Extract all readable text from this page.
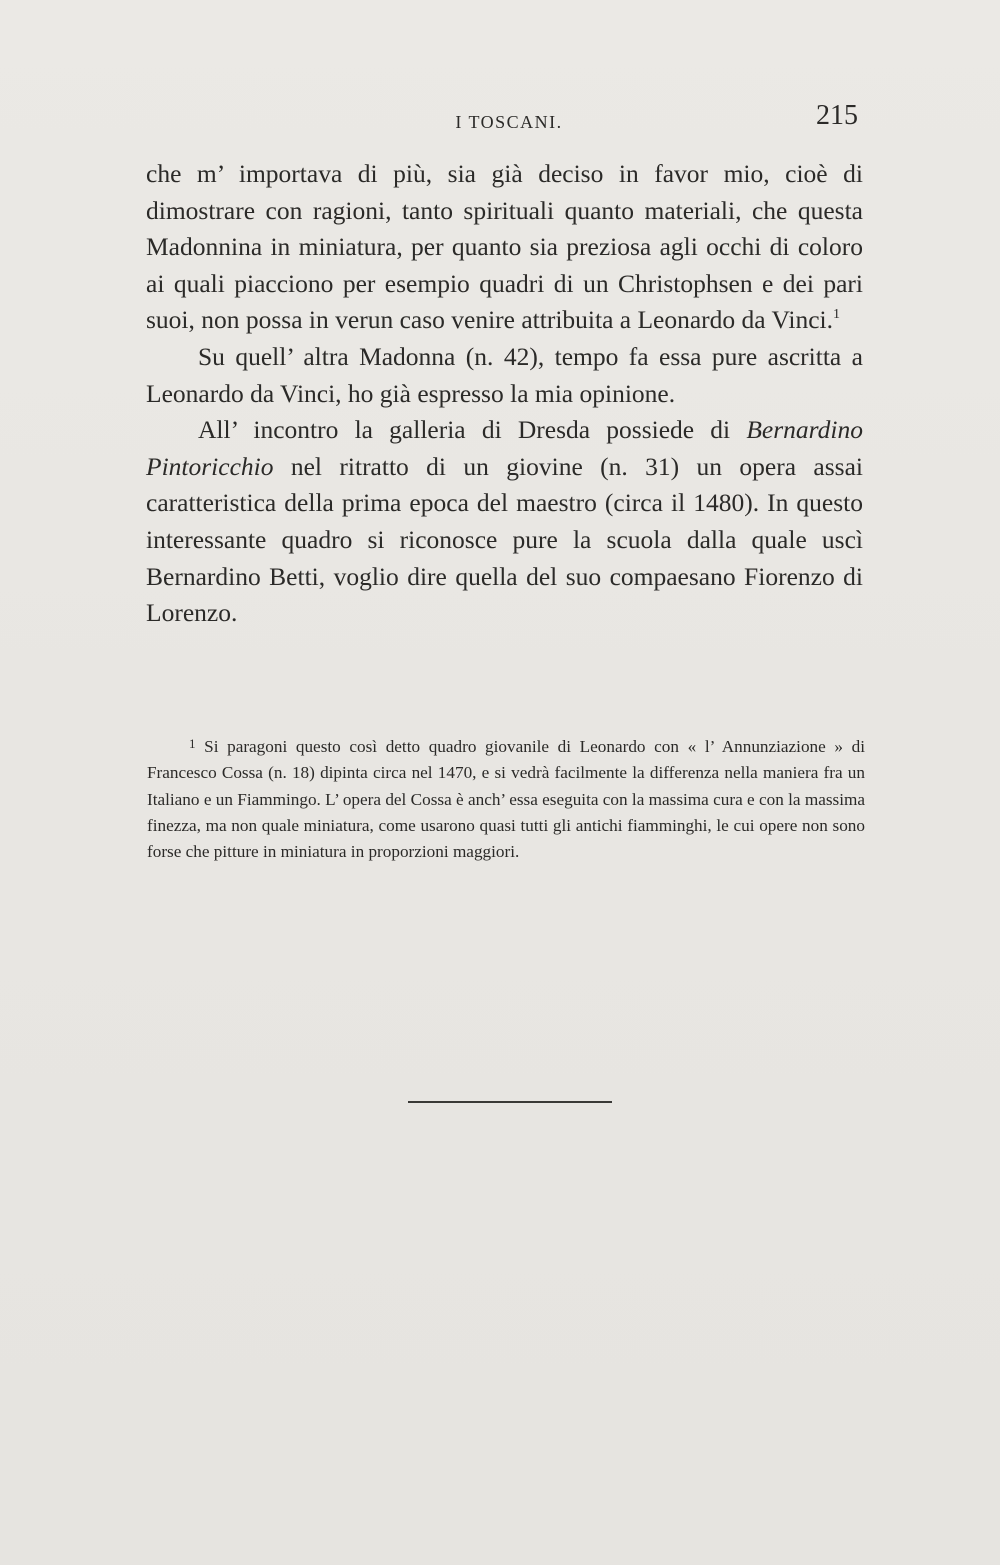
I TOSCANI.	215

che m’ importava di più, sia già deciso in favor mio, cioè di dimostrare con ragioni, tanto spirituali quanto materiali, che questa Madonnina in miniatura, per quanto sia preziosa agli occhi di coloro ai quali piacciono per esempio quadri di un Christophsen e dei pari suoi, non possa in verun caso venire attribuita a Leonardo da Vinci.$^1$

Su quell’ altra Madonna (n. 42), tempo fa essa pure ascritta a Leonardo da Vinci, ho già espresso la mia opinione.

All’ incontro la galleria di Dresda possiede di Bernardino Pintoricchio nel ritratto di un giovine (n. 31) un opera assai caratteristica della prima epoca del maestro (circa il 1480). In questo interessante quadro si riconosce pure la scuola dalla quale uscì Bernardino Betti, voglio dire quella del suo compaesano Fiorenzo di Lorenzo.

$^1$ Si paragoni questo così detto quadro giovanile di Leonardo con « l’ Annunziazione » di Francesco Cossa (n. 18) dipinta circa nel 1470, e si vedrà facilmente la differenza nella maniera fra un Italiano e un Fiammingo. L’ opera del Cossa è anch’ essa eseguita con la massima cura e con la massima finezza, ma non quale miniatura, come usarono quasi tutti gli antichi fiamminghi, le cui opere non sono forse che pitture in miniatura in proporzioni maggiori.
